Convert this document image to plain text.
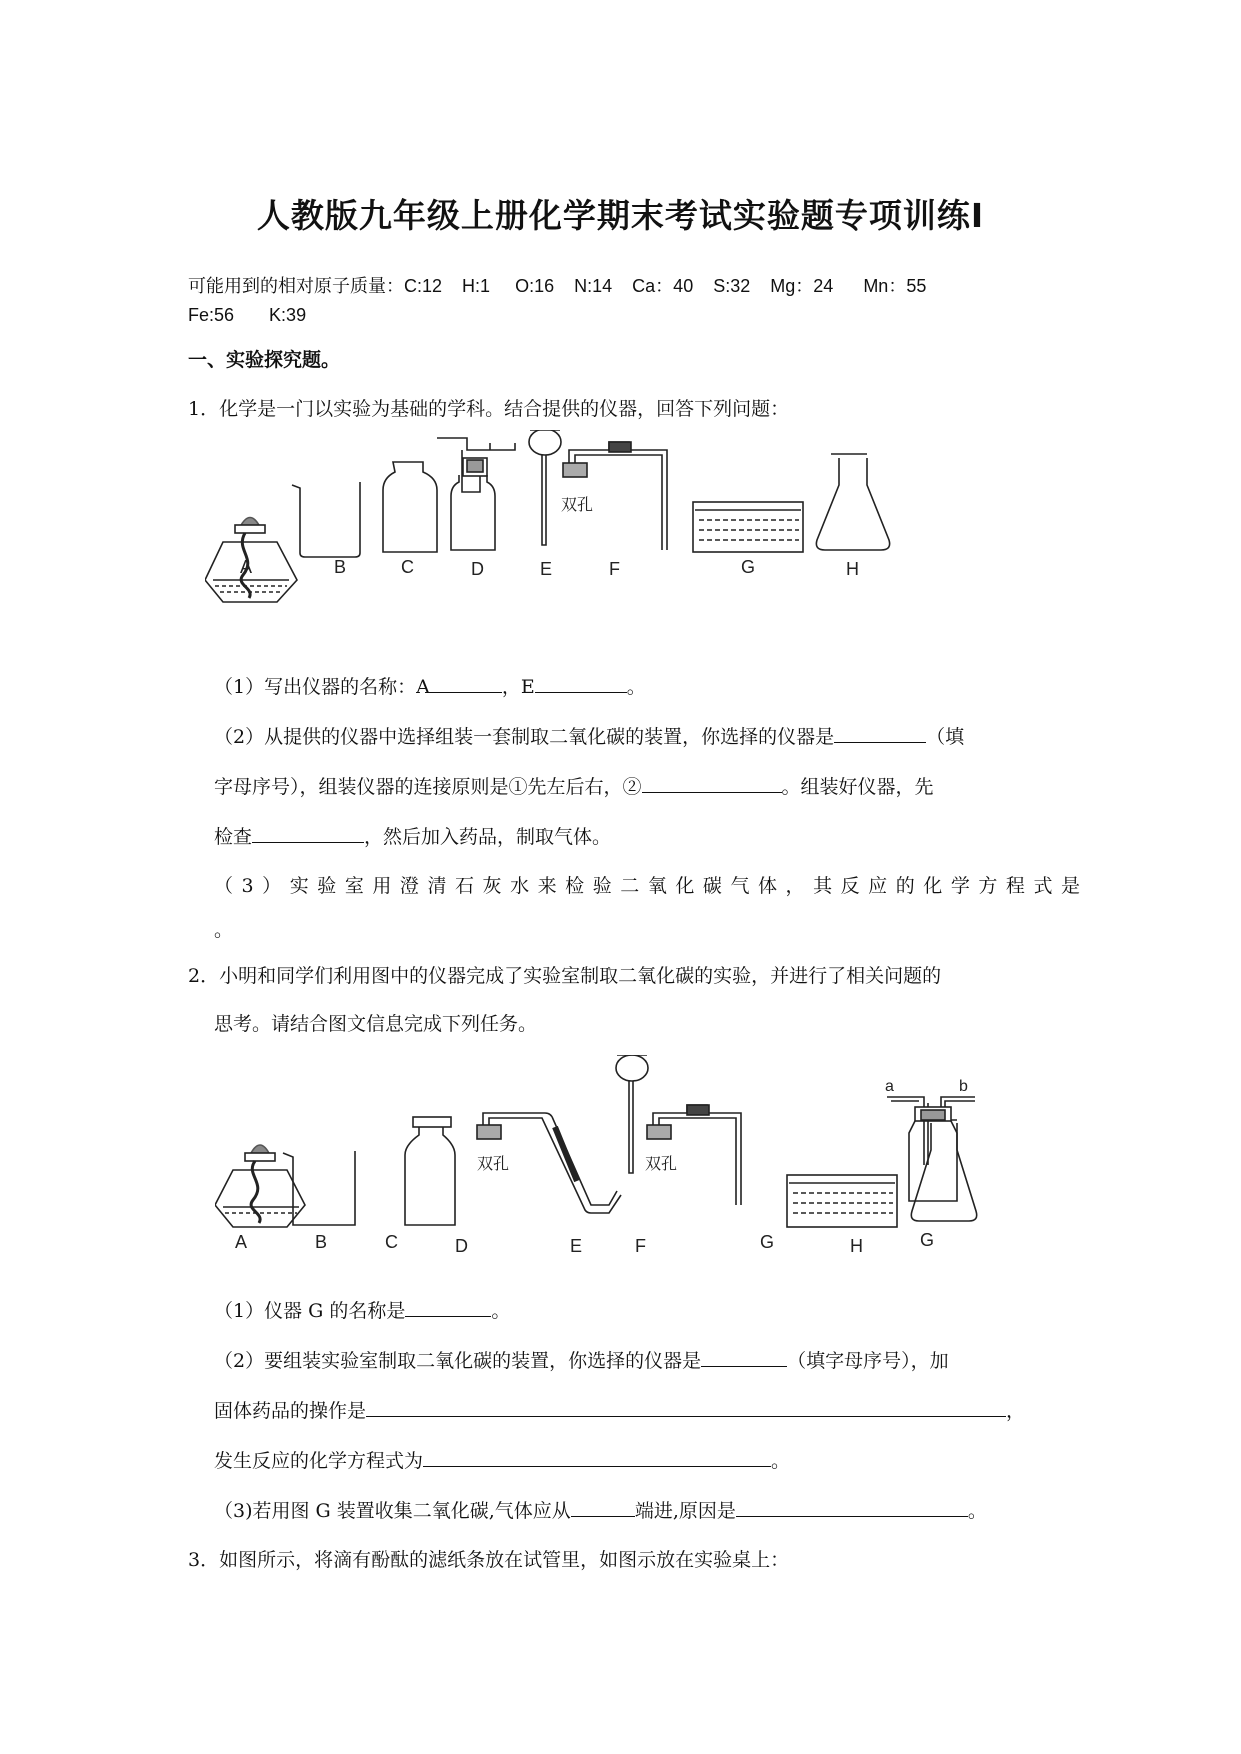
人教版九年级上册化学期末考试实验题专项训练Ⅰ
可能用到的相对原子质量：C:12 H:1 O:16 N:14 Ca：40 S:32 Mg：24 Mn：55
Fe:56 K:39
一、实验探究题。
1．化学是一门以实验为基础的学科。结合提供的仪器，回答下列问题：
双孔
A	B	C	D	E	F	G	H
（1）写出仪器的名称：A	，E	。
（2）从提供的仪器中选择组装一套制取二氧化碳的装置，你选择的仪器是	（填
字母序号），组装仪器的连接原则是①先左后右，②	。组装好仪器，先
检查	，然后加入药品，制取气体。
（3）实验室用澄清石灰水来检验二氧化碳气体，其反应的化学方程式是
。
2．小明和同学们利用图中的仪器完成了实验室制取二氧化碳的实验，并进行了相关问题的
思考。请结合图文信息完成下列任务。
双孔	双孔
A	B	C	D	E	F	G	H	G
a	b
（1）仪器 G 的名称是	。
（2）要组装实验室制取二氧化碳的装置，你选择的仪器是	（填字母序号），加
固体药品的操作是	，
发生反应的化学方程式为	。
（3)若用图 G 装置收集二氧化碳,气体应从	端进,原因是	。
3．如图所示，将滴有酚酞的滤纸条放在试管里，如图示放在实验桌上：
